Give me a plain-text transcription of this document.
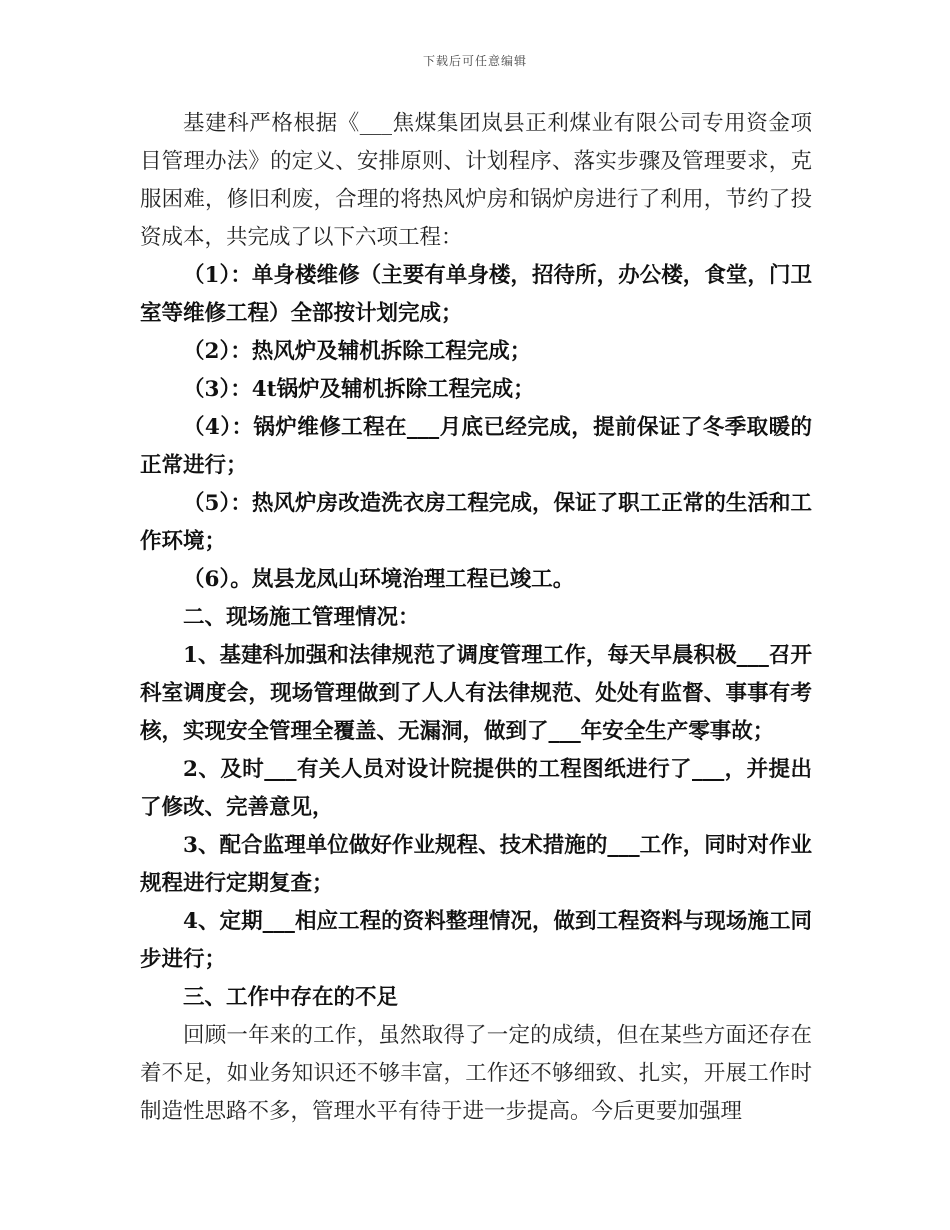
下载后可任意编辑

基建科严格根据《___焦煤集团岚县正利煤业有限公司专用资金项目管理办法》的定义、安排原则、计划程序、落实步骤及管理要求，克服困难，修旧利废，合理的将热风炉房和锅炉房进行了利用，节约了投资成本，共完成了以下六项工程：

（1）：单身楼维修（主要有单身楼，招待所，办公楼，食堂，门卫室等维修工程）全部按计划完成；

（2）：热风炉及辅机拆除工程完成；

（3）：4t锅炉及辅机拆除工程完成；

（4）：锅炉维修工程在___月底已经完成，提前保证了冬季取暖的正常进行；

（5）：热风炉房改造洗衣房工程完成，保证了职工正常的生活和工作环境；

（6）。岚县龙凤山环境治理工程已竣工。

二、现场施工管理情况：

1、基建科加强和法律规范了调度管理工作，每天早晨积极___召开科室调度会，现场管理做到了人人有法律规范、处处有监督、事事有考核，实现安全管理全覆盖、无漏洞，做到了___年安全生产零事故；

2、及时___有关人员对设计院提供的工程图纸进行了___，并提出了修改、完善意见，

3、配合监理单位做好作业规程、技术措施的___工作，同时对作业规程进行定期复查；

4、定期___相应工程的资料整理情况，做到工程资料与现场施工同步进行；

三、工作中存在的不足

回顾一年来的工作，虽然取得了一定的成绩，但在某些方面还存在着不足，如业务知识还不够丰富，工作还不够细致、扎实，开展工作时制造性思路不多，管理水平有待于进一步提高。今后更要加强理
